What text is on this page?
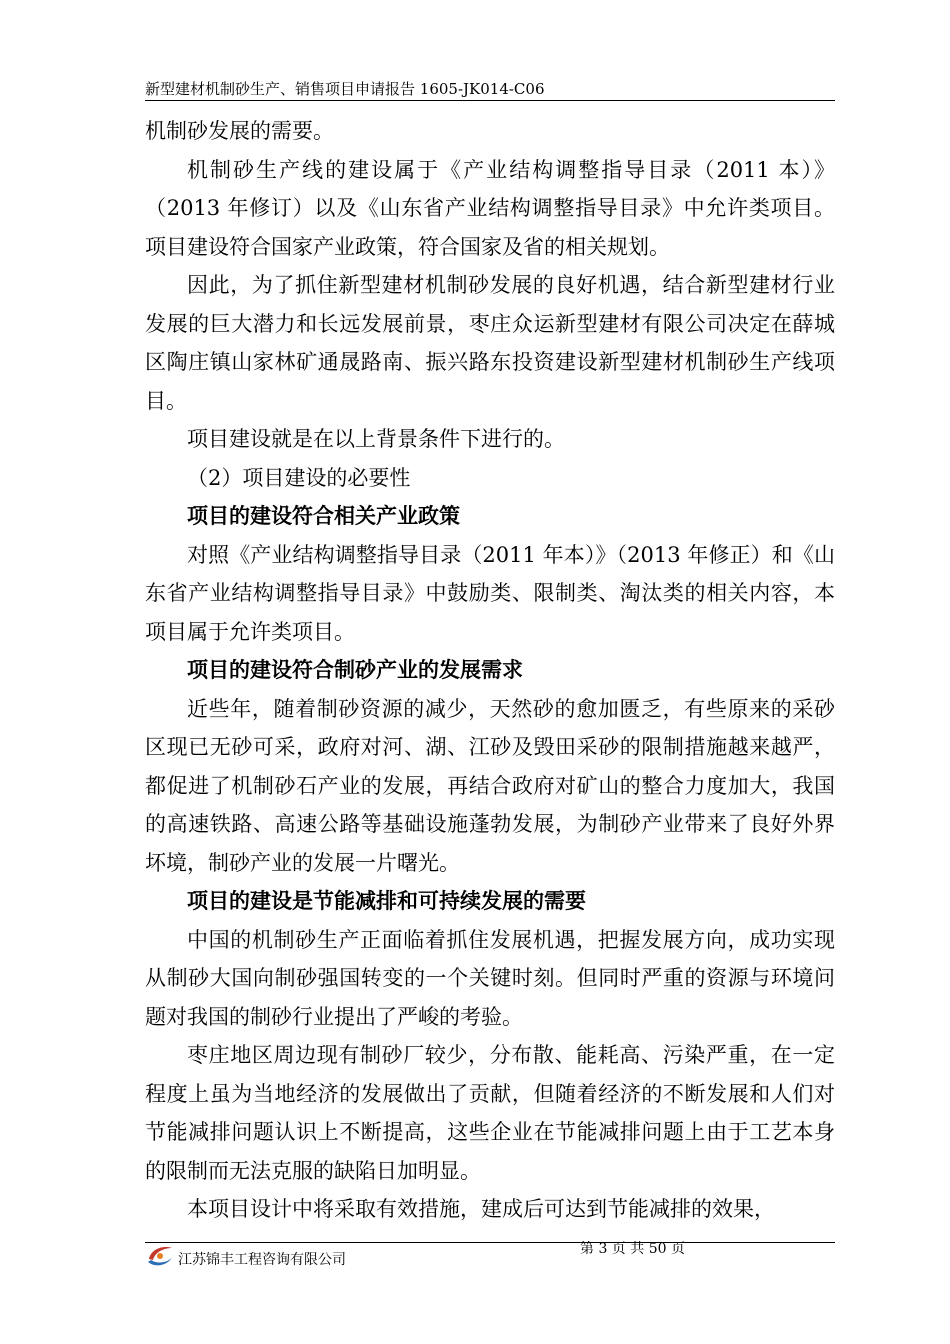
新型建材机制砂生产、销售项目申请报告 1605-JK014-C06

机制砂发展的需要。

机制砂生产线的建设属于《产业结构调整指导目录（2011 本）》（2013 年修订）以及《山东省产业结构调整指导目录》中允许类项目。项目建设符合国家产业政策，符合国家及省的相关规划。

因此，为了抓住新型建材机制砂发展的良好机遇，结合新型建材行业发展的巨大潜力和长远发展前景，枣庄众运新型建材有限公司决定在薛城区陶庄镇山家林矿通晟路南、振兴路东投资建设新型建材机制砂生产线项目。

项目建设就是在以上背景条件下进行的。

（2）项目建设的必要性

项目的建设符合相关产业政策

对照《产业结构调整指导目录（2011 年本）》（2013 年修正）和《山东省产业结构调整指导目录》中鼓励类、限制类、淘汰类的相关内容，本项目属于允许类项目。

项目的建设符合制砂产业的发展需求

近些年，随着制砂资源的减少，天然砂的愈加匮乏，有些原来的采砂区现已无砂可采，政府对河、湖、江砂及毁田采砂的限制措施越来越严，都促进了机制砂石产业的发展，再结合政府对矿山的整合力度加大，我国的高速铁路、高速公路等基础设施蓬勃发展，为制砂产业带来了良好外界坏境，制砂产业的发展一片曙光。

项目的建设是节能减排和可持续发展的需要

中国的机制砂生产正面临着抓住发展机遇，把握发展方向，成功实现从制砂大国向制砂强国转变的一个关键时刻。但同时严重的资源与环境问题对我国的制砂行业提出了严峻的考验。

枣庄地区周边现有制砂厂较少，分布散、能耗高、污染严重，在一定程度上虽为当地经济的发展做出了贡献，但随着经济的不断发展和人们对节能减排问题认识上不断提高，这些企业在节能减排问题上由于工艺本身的限制而无法克服的缺陷日加明显。

本项目设计中将采取有效措施，建成后可达到节能减排的效果，

江苏锦丰工程咨询有限公司
第 3 页 共 50 页
